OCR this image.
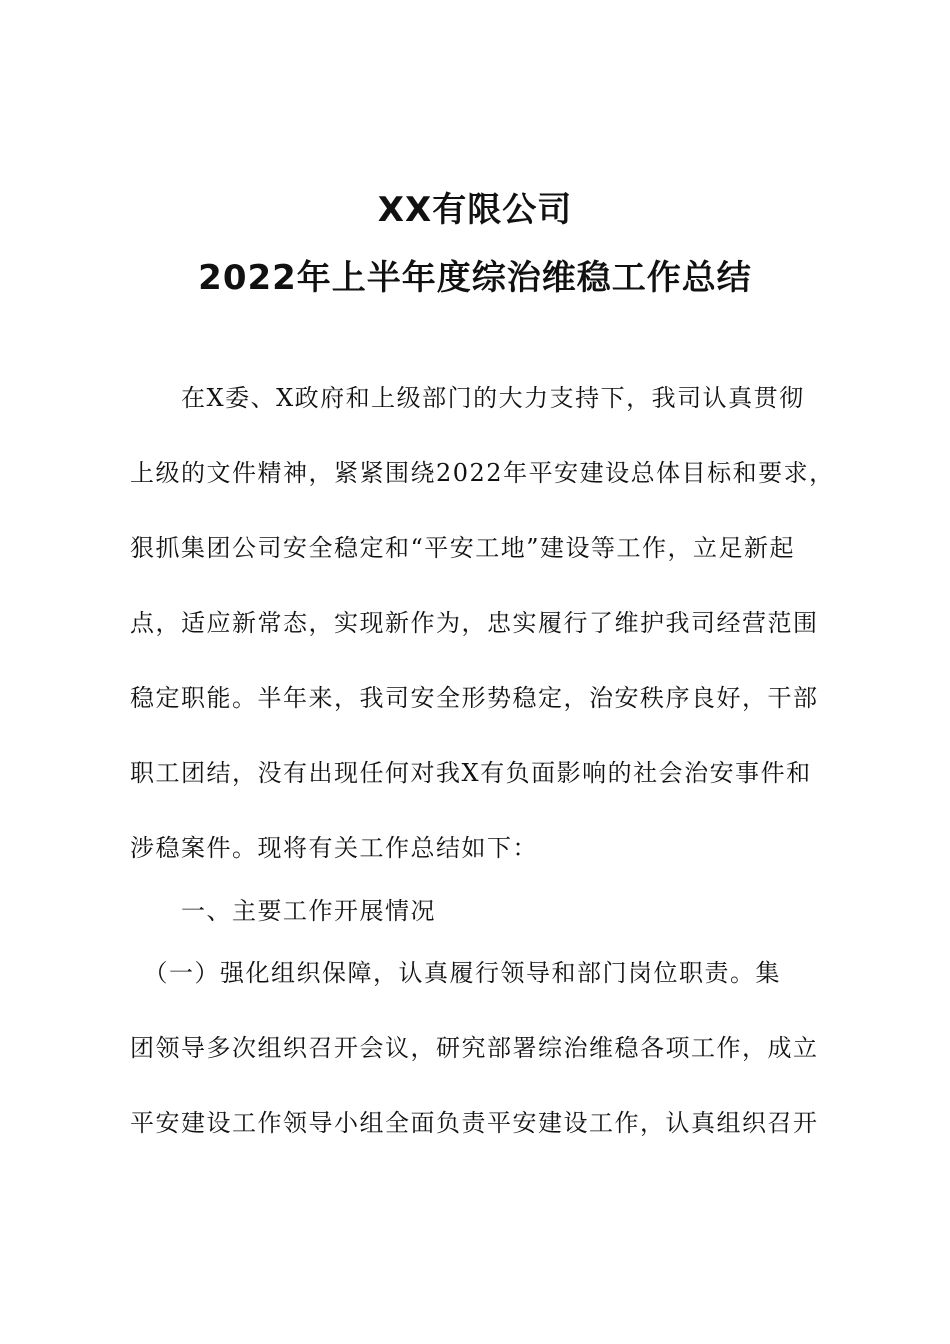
XX有限公司
2022年上半年度综治维稳工作总结
　　在X委、X政府和上级部门的大力支持下，我司认真贯彻
上级的文件精神，紧紧围绕2022年平安建设总体目标和要求，
狠抓集团公司安全稳定和“平安工地”建设等工作，立足新起
点，适应新常态，实现新作为，忠实履行了维护我司经营范围
稳定职能。半年来，我司安全形势稳定，治安秩序良好，干部
职工团结，没有出现任何对我X有负面影响的社会治安事件和
涉稳案件。现将有关工作总结如下：
　　一、主要工作开展情况
　（一）强化组织保障，认真履行领导和部门岗位职责。集
团领导多次组织召开会议，研究部署综治维稳各项工作，成立
平安建设工作领导小组全面负责平安建设工作，认真组织召开
